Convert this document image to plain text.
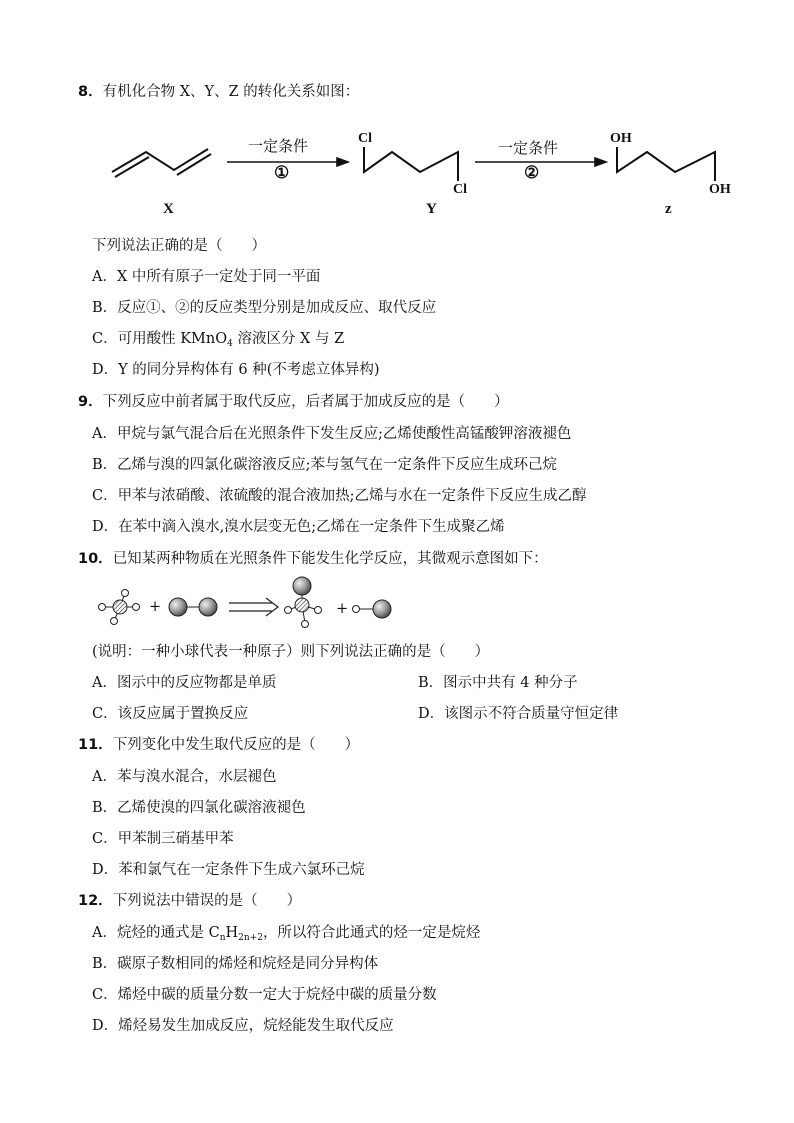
8．有机化合物 X、Y、Z 的转化关系如图：
一定条件
①
一定条件
②
Cl
Cl
OH
OH
X	Y	z
下列说法正确的是（　　）
A．X 中所有原子一定处于同一平面
B．反应①、②的反应类型分别是加成反应、取代反应
C．可用酸性 KMnO$_4$ 溶液区分 X 与 Z
D．Y 的同分异构体有 6 种(不考虑立体异构)
9．下列反应中前者属于取代反应，后者属于加成反应的是（　　）
A．甲烷与氯气混合后在光照条件下发生反应;乙烯使酸性高锰酸钾溶液褪色
B．乙烯与溴的四氯化碳溶液反应;苯与氢气在一定条件下反应生成环己烷
C．甲苯与浓硝酸、浓硫酸的混合液加热;乙烯与水在一定条件下反应生成乙醇
D．在苯中滴入溴水,溴水层变无色;乙烯在一定条件下生成聚乙烯
10．已知某两种物质在光照条件下能发生化学反应，其微观示意图如下：
+	+
(说明：一种小球代表一种原子）则下列说法正确的是（　　）
A．图示中的反应物都是单质	B．图示中共有 4 种分子
C．该反应属于置换反应	D．该图示不符合质量守恒定律
11．下列变化中发生取代反应的是（　　）
A．苯与溴水混合，水层褪色
B．乙烯使溴的四氯化碳溶液褪色
C．甲苯制三硝基甲苯
D．苯和氯气在一定条件下生成六氯环己烷
12．下列说法中错误的是（　　）
A．烷烃的通式是 $C_nH_{2n+2}$，所以符合此通式的烃一定是烷烃
B．碳原子数相同的烯烃和烷烃是同分异构体
C．烯烃中碳的质量分数一定大于烷烃中碳的质量分数
D．烯烃易发生加成反应，烷烃能发生取代反应
